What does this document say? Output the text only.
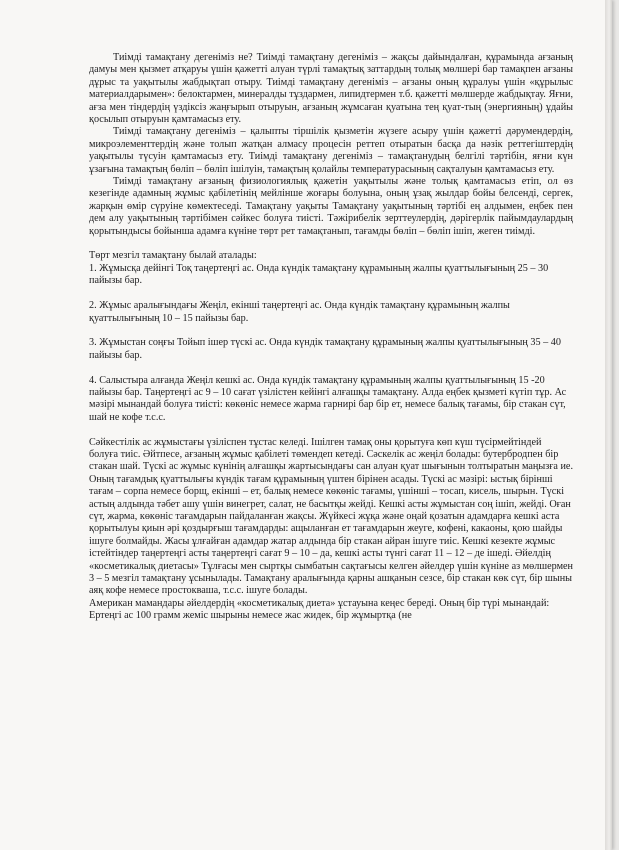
Тиімді тамақтану дегеніміз не? Тиімді тамақтану дегеніміз – жақсы дайындалған, құрамында ағзаның дамуы мен қызмет атқаруы үшін қажетті алуан түрлі тамақтық заттардың толық мөлшері бар тамақпен ағзаны дұрыс та уақытылы жабдықтап отыру. Тиімді тамақтану дегеніміз – ағзаны оның құралуы үшін «құрылыс материалдарымен»: белоктармен, минералды тұздармен, липидтермен т.б. қажетті мөлшерде жабдықтау. Яғни, ағза мен тіндердің үздіксіз жаңғырып отыруын, ағзаның жұмсаған қуатына тең қуат-тың (энергияның) ұдайы қосылып отыруын қамтамасыз ету.

Тиімді тамақтану дегеніміз – қалыпты тіршілік қызметін жүзеге асыру үшін қажетті дәрумендердің, микроэлементтердің және толып жатқан алмасу процесін реттеп отыратын басқа да нәзік реттегіштердің уақытылы түсуін қамтамасыз ету. Тиімді тамақтану дегеніміз – тамақтанудың белгілі тәртібін, яғни күн ұзағына тамақтың бөліп – бөліп ішілуін, тамақтың қолайлы температурасының сақталуын қамтамасыз ету.

Тиімді тамақтану ағзаның физиологиялық қажетін уақытылы және толық қамтамасыз етіп, ол өз кезегінде адамның жұмыс қабілетінің мейлінше жоғары болуына, оның ұзақ жылдар бойы белсенді, сергек, жарқын өмір сүруіне көмектеседі. Тамақтану уақыты Тамақтану уақытының тәртібі ең алдымен, еңбек пен дем алу уақытының тәртібімен сәйкес болуға тиісті. Тәжірибелік зерттеулердің, дәрігерлік пайымдаулардың қорытындысы бойынша адамға күніне төрт рет тамақтанып, тағамды бөліп – бөліп ішіп, жеген тиімді.

Төрт мезгіл тамақтану былай аталады:

1. Жұмысқа дейінгі Тоқ таңертеңгі ас. Онда күндік тамақтану құрамының жалпы қуаттылығының 25 – 30 пайызы бар.

2. Жұмыс аралығындағы Жеңіл, екінші таңертеңгі ас. Онда күндік тамақтану құрамының жалпы қуаттылығының 10 – 15 пайызы бар.

3. Жұмыстан соңғы Тойып ішер түскі ас. Онда күндік тамақтану құрамының жалпы қуаттылығының 35 – 40 пайызы бар.

4. Салыстыра алғанда Жеңіл кешкі ас. Онда күндік тамақтану құрамының жалпы қуаттылығының 15 -20 пайызы бар. Таңертеңгі ас 9 – 10 сағат үзілістен кейінгі алғашқы тамақтану. Алда еңбек қызметі күтіп тұр. Ас мәзірі мынандай болуға тиісті: көкөніс немесе жарма гарнирі бар бір ет, немесе балық тағамы, бір стакан сүт, шай не кофе т.с.с.

Сәйкестілік ас жұмыстағы үзіліспен тұстас келеді. Ішілген тамақ оны қорытуға көп күш түсірмейтіндей болуға тиіс. Әйтпесе, ағзаның жұмыс қабілеті төмендеп кетеді. Сәскелік ас жеңіл болады: бутербродпен бір стакан шай. Түскі ас жұмыс күнінің алғашқы жартысындағы сан алуан қуат шығынын толтыратын маңызға ие. Оның тағамдық қуаттылығы күндік тағам құрамының үштен бірінен асады. Түскі ас мәзірі: ыстық бірінші тағам – сорпа немесе борщ, екінші – ет, балық немесе көкөніс тағамы, үшінші – тосап, кисель, шырын. Түскі астың алдында тәбет ашу үшін винегрет, салат, не басытқы жейді. Кешкі асты жұмыстан соң ішіп, жейді. Оған сүт, жарма, көкөніс тағамдарын пайдаланған жақсы. Жүйкесі жұқа және оңай қозатын адамдарға кешкі аста қорытылуы қиын әрі қоздырғыш тағамдарды: ащыланған ет тағамдарын жеуге, кофені, какаоны, қою шайды ішуге болмайды. Жасы ұлғайған адамдар жатар алдында бір стакан айран ішуге тиіс. Кешкі кезекте жұмыс істейтіндер таңертеңгі асты таңертеңгі сағат 9 – 10 – да, кешкі асты түнгі сағат 11 – 12 – де ішеді. Әйелдің «косметикалық диетасы» Тұлғасы мен сыртқы сымбатын сақтағысы келген әйелдер үшін күніне аз мөлшермен 3 – 5 мезгіл тамақтану ұсынылады. Тамақтану аралығында қарны ашқанын сезсе, бір стакан көк сүт, бір шыны аяқ кофе немесе простокваша, т.с.с. ішуге болады.

Американ мамандары әйелдердің «косметикалық диета» ұстауына кеңес береді. Оның бір түрі мынандай: Ертеңгі ас 100 грамм жеміс шырыны немесе жас жидек, бір жұмыртқа (не
